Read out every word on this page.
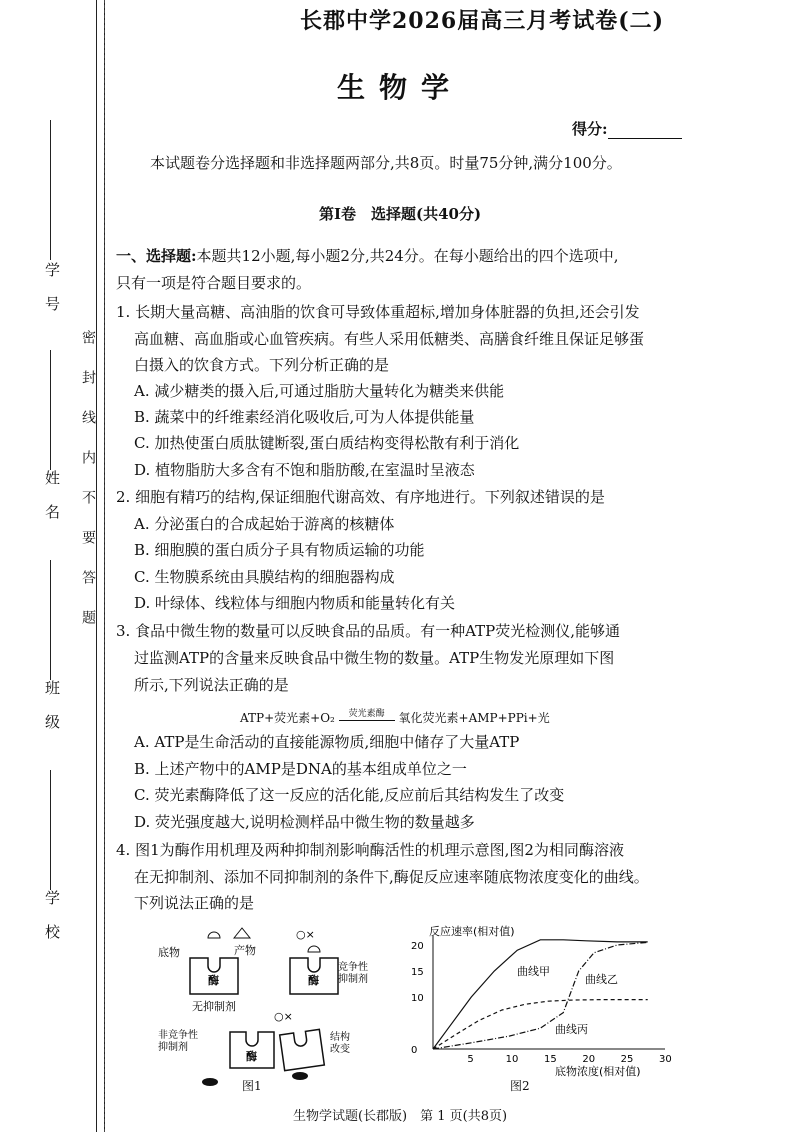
学　号
姓　名
班　级
学　校
密　封　线　内　不　要　答　题
长郡中学2026届高三月考试卷(二)
生物学
得分:
本试题卷分选择题和非选择题两部分,共8页。时量75分钟,满分100分。
第Ⅰ卷　选择题(共40分)
一、选择题:本题共12小题,每小题2分,共24分。在每小题给出的四个选项中,
只有一项是符合题目要求的。
1. 长期大量高糖、高油脂的饮食可导致体重超标,增加身体脏器的负担,还会引发
高血糖、高血脂或心血管疾病。有些人采用低糖类、高膳食纤维且保证足够蛋
白摄入的饮食方式。下列分析正确的是
A. 减少糖类的摄入后,可通过脂肪大量转化为糖类来供能
B. 蔬菜中的纤维素经消化吸收后,可为人体提供能量
C. 加热使蛋白质肽键断裂,蛋白质结构变得松散有利于消化
D. 植物脂肪大多含有不饱和脂肪酸,在室温时呈液态
2. 细胞有精巧的结构,保证细胞代谢高效、有序地进行。下列叙述错误的是
A. 分泌蛋白的合成起始于游离的核糖体
B. 细胞膜的蛋白质分子具有物质运输的功能
C. 生物膜系统由具膜结构的细胞器构成
D. 叶绿体、线粒体与细胞内物质和能量转化有关
3. 食品中微生物的数量可以反映食品的品质。有一种ATP荧光检测仪,能够通
过监测ATP的含量来反映食品中微生物的数量。ATP生物发光原理如下图
所示,下列说法正确的是
ATP+荧光素+O₂	荧光素酶	氧化荧光素+AMP+PPi+光
A. ATP是生命活动的直接能源物质,细胞中储存了大量ATP
B. 上述产物中的AMP是DNA的基本组成单位之一
C. 荧光素酶降低了这一反应的活化能,反应前后其结构发生了改变
D. 荧光强度越大,说明检测样品中微生物的数量越多
4. 图1为酶作用机理及两种抑制剂影响酶活性的机理示意图,图2为相同酶溶液
在无抑制剂、添加不同抑制剂的条件下,酶促反应速率随底物浓度变化的曲线。
下列说法正确的是
底物	产物
酶
无抑制剂
○×
酶
竞争性
抑制剂
○×
酶
非竞争性
抑制剂
结构
改变
图1
反应速率(相对值)
底物浓度(相对值)
5	10	15	20	25	30
0
10
15
20
曲线甲
曲线乙
曲线丙
图2
生物学试题(长郡版)　第 1 页(共8页)
